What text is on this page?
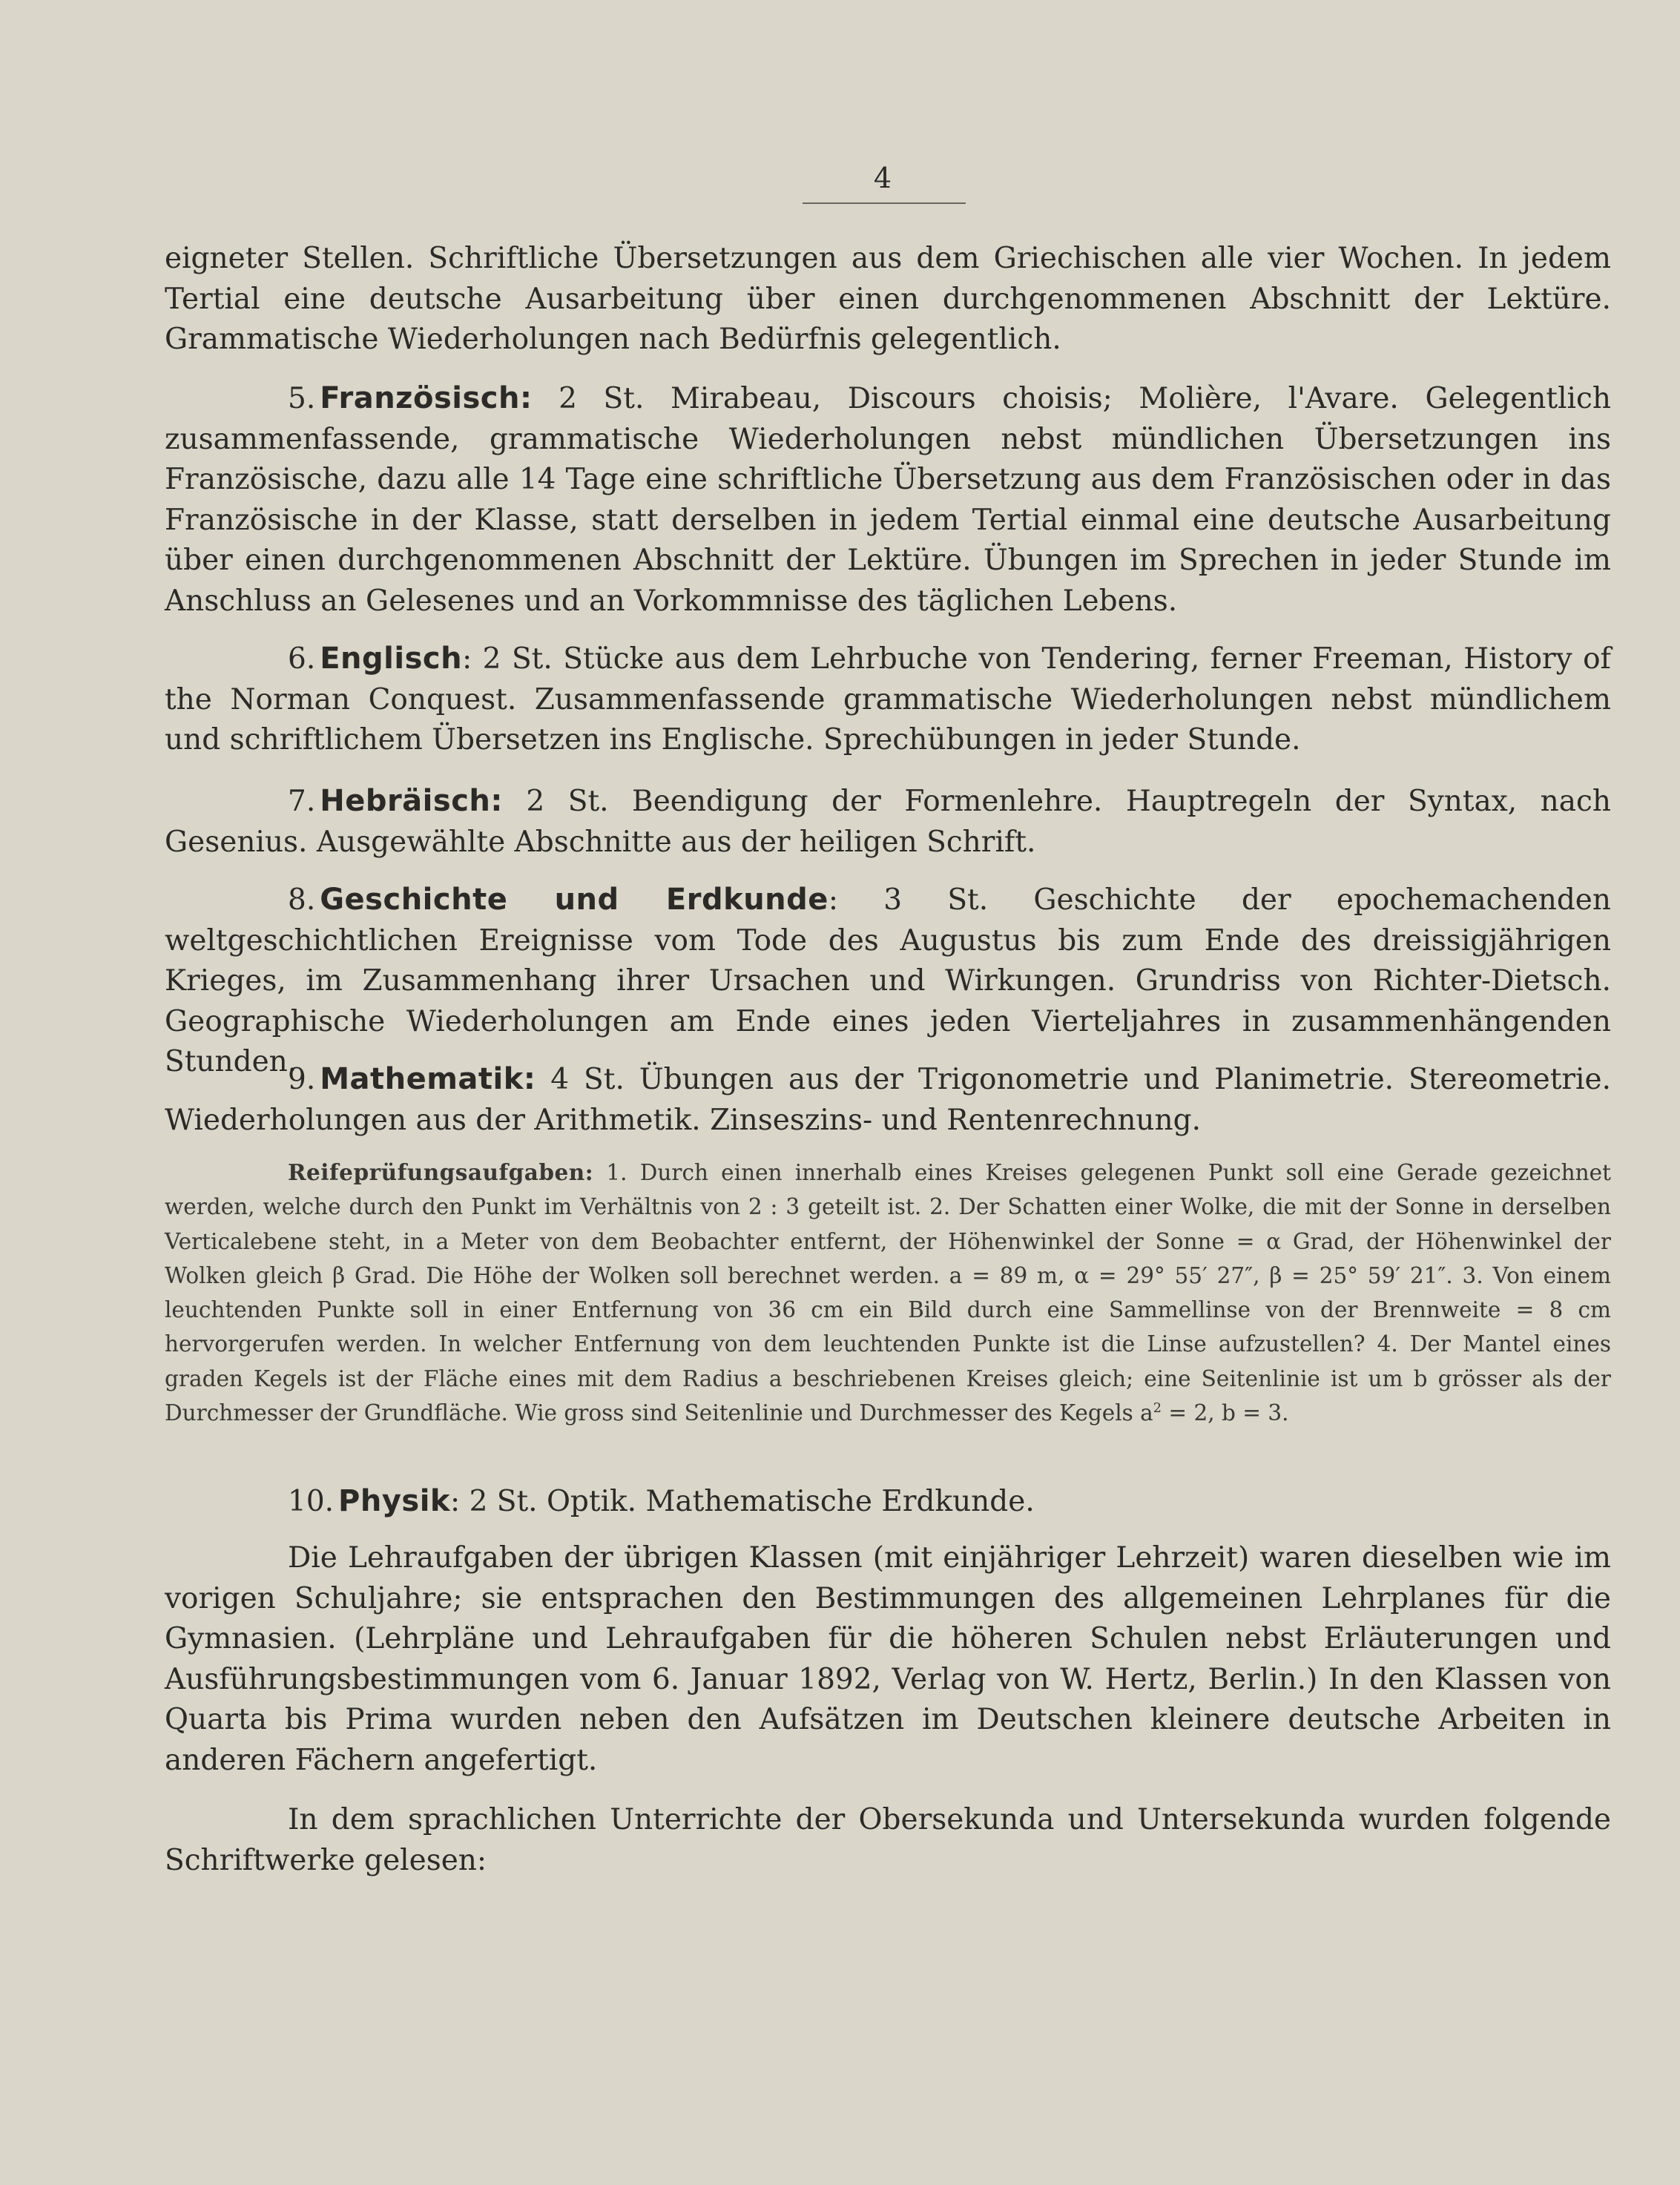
4

eigneter Stellen. Schriftliche Übersetzungen aus dem Griechischen alle vier Wochen. In jedem Tertial eine deutsche Ausarbeitung über einen durchgenommenen Abschnitt der Lektüre. Grammatische Wiederholungen nach Bedürfnis gelegentlich.

5. Französisch: 2 St. Mirabeau, Discours choisis; Molière, l'Avare. Gelegentlich zusammenfassende, grammatische Wiederholungen nebst mündlichen Übersetzungen ins Französische, dazu alle 14 Tage eine schriftliche Übersetzung aus dem Französischen oder in das Französische in der Klasse, statt derselben in jedem Tertial einmal eine deutsche Ausarbeitung über einen durchgenommenen Abschnitt der Lektüre. Übungen im Sprechen in jeder Stunde im Anschluss an Gelesenes und an Vorkommnisse des täglichen Lebens.

6. Englisch: 2 St. Stücke aus dem Lehrbuche von Tendering, ferner Freeman, History of the Norman Conquest. Zusammenfassende grammatische Wiederholungen nebst mündlichem und schriftlichem Übersetzen ins Englische. Sprechübungen in jeder Stunde.

7. Hebräisch: 2 St. Beendigung der Formenlehre. Hauptregeln der Syntax, nach Gesenius. Ausgewählte Abschnitte aus der heiligen Schrift.

8. Geschichte und Erdkunde: 3 St. Geschichte der epochemachenden weltgeschichtlichen Ereignisse vom Tode des Augustus bis zum Ende des dreissigjährigen Krieges, im Zusammenhang ihrer Ursachen und Wirkungen. Grundriss von Richter-Dietsch. Geographische Wiederholungen am Ende eines jeden Vierteljahres in zusammenhängenden Stunden.

9. Mathematik: 4 St. Übungen aus der Trigonometrie und Planimetrie. Stereometrie. Wiederholungen aus der Arithmetik. Zinseszins- und Rentenrechnung.

Reifeprüfungsaufgaben: 1. Durch einen innerhalb eines Kreises gelegenen Punkt soll eine Gerade gezeichnet werden, welche durch den Punkt im Verhältnis von 2 : 3 geteilt ist. 2. Der Schatten einer Wolke, die mit der Sonne in derselben Verticalebene steht, in a Meter von dem Beobachter entfernt, der Höhenwinkel der Sonne = α Grad, der Höhenwinkel der Wolken gleich β Grad. Die Höhe der Wolken soll berechnet werden. a = 89 m, α = 29° 55′ 27″, β = 25° 59′ 21″. 3. Von einem leuchtenden Punkte soll in einer Entfernung von 36 cm ein Bild durch eine Sammellinse von der Brennweite = 8 cm hervorgerufen werden. In welcher Entfernung von dem leuchtenden Punkte ist die Linse aufzustellen? 4. Der Mantel eines graden Kegels ist der Fläche eines mit dem Radius a beschriebenen Kreises gleich; eine Seitenlinie ist um b grösser als der Durchmesser der Grundfläche. Wie gross sind Seitenlinie und Durchmesser des Kegels $a^2 = 2$, b = 3.

10. Physik: 2 St. Optik. Mathematische Erdkunde.

Die Lehraufgaben der übrigen Klassen (mit einjähriger Lehrzeit) waren dieselben wie im vorigen Schuljahre; sie entsprachen den Bestimmungen des allgemeinen Lehrplanes für die Gymnasien. (Lehrpläne und Lehraufgaben für die höheren Schulen nebst Erläuterungen und Ausführungsbestimmungen vom 6. Januar 1892, Verlag von W. Hertz, Berlin.) In den Klassen von Quarta bis Prima wurden neben den Aufsätzen im Deutschen kleinere deutsche Arbeiten in anderen Fächern angefertigt.

In dem sprachlichen Unterrichte der Obersekunda und Untersekunda wurden folgende Schriftwerke gelesen:
